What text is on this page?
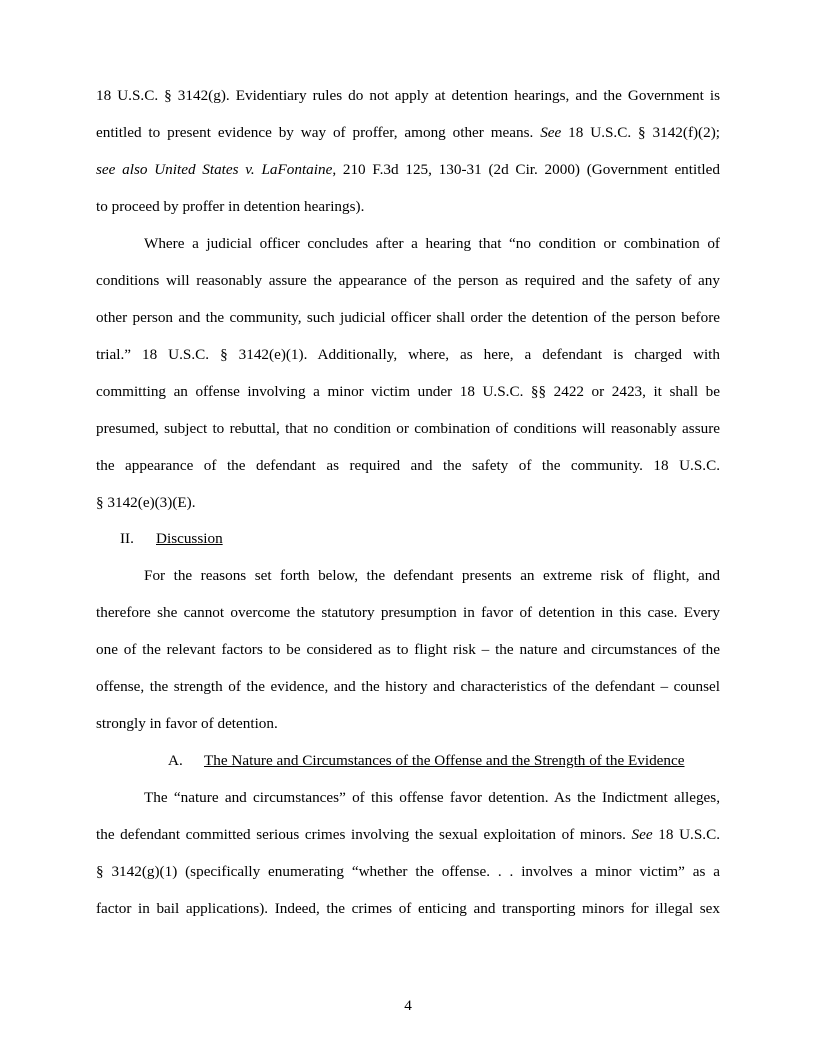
18 U.S.C. § 3142(g). Evidentiary rules do not apply at detention hearings, and the Government is
entitled to present evidence by way of proffer, among other means. See 18 U.S.C. § 3142(f)(2);
see also United States v. LaFontaine, 210 F.3d 125, 130-31 (2d Cir. 2000) (Government entitled
to proceed by proffer in detention hearings).
Where a judicial officer concludes after a hearing that “no condition or combination of
conditions will reasonably assure the appearance of the person as required and the safety of any
other person and the community, such judicial officer shall order the detention of the person before
trial.” 18 U.S.C. § 3142(e)(1). Additionally, where, as here, a defendant is charged with
committing an offense involving a minor victim under 18 U.S.C. §§ 2422 or 2423, it shall be
presumed, subject to rebuttal, that no condition or combination of conditions will reasonably assure
the appearance of the defendant as required and the safety of the community. 18 U.S.C.
§ 3142(e)(3)(E).
II.	Discussion
For the reasons set forth below, the defendant presents an extreme risk of flight, and
therefore she cannot overcome the statutory presumption in favor of detention in this case. Every
one of the relevant factors to be considered as to flight risk – the nature and circumstances of the
offense, the strength of the evidence, and the history and characteristics of the defendant – counsel
strongly in favor of detention.
A.	The Nature and Circumstances of the Offense and the Strength of the Evidence
The “nature and circumstances” of this offense favor detention. As the Indictment alleges,
the defendant committed serious crimes involving the sexual exploitation of minors. See 18 U.S.C.
§ 3142(g)(1) (specifically enumerating “whether the offense. . . involves a minor victim” as a
factor in bail applications). Indeed, the crimes of enticing and transporting minors for illegal sex
4
